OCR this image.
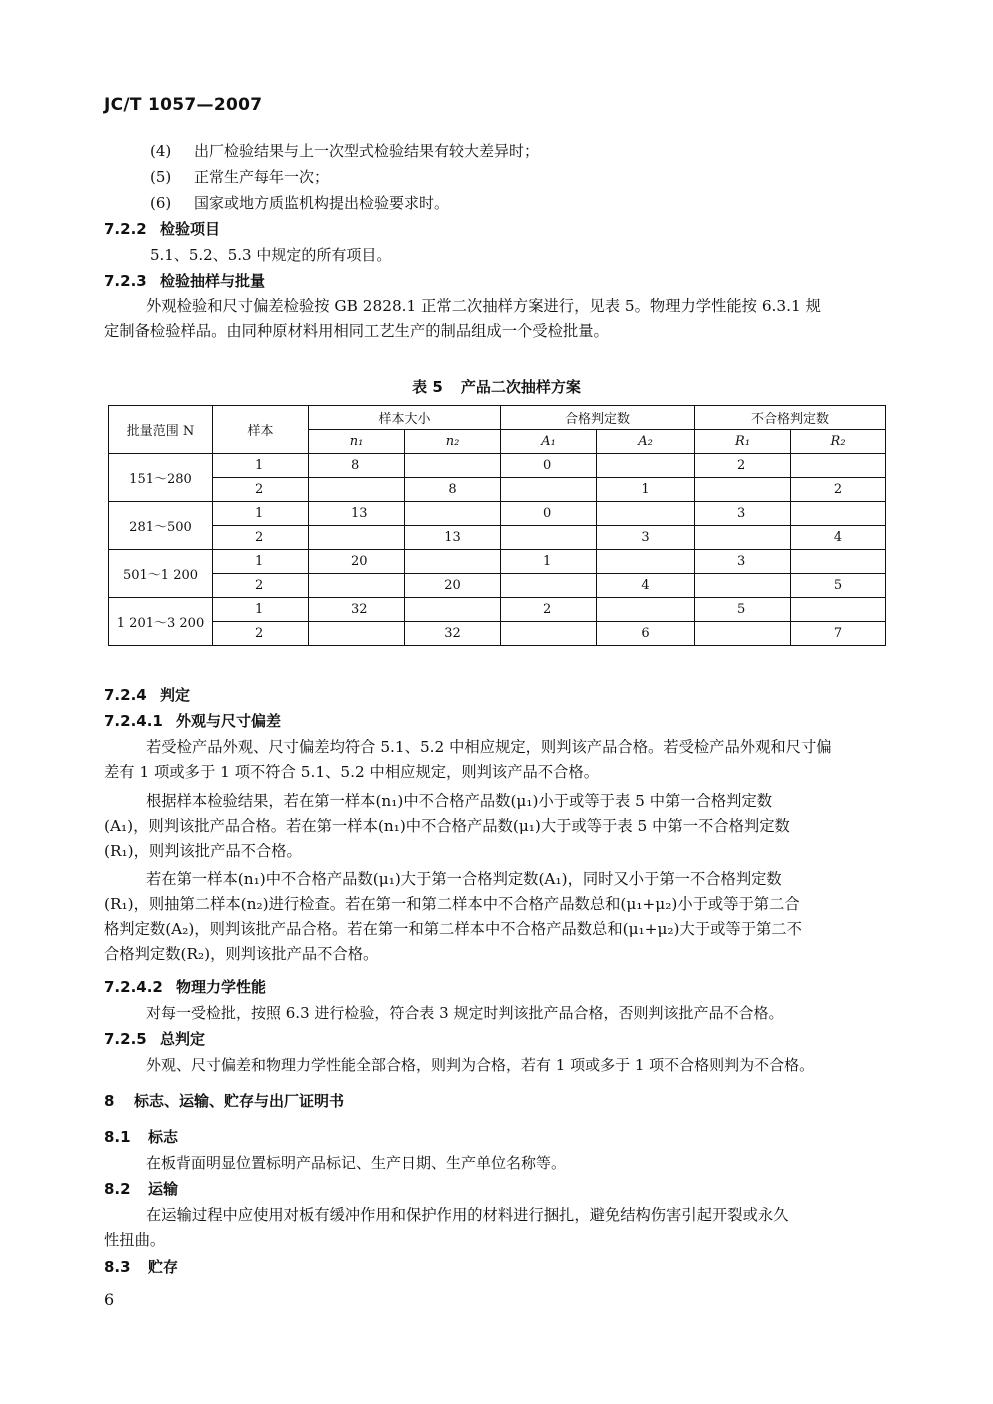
JC/T 1057—2007
(4) 出厂检验结果与上一次型式检验结果有较大差异时；
(5) 正常生产每年一次；
(6) 国家或地方质监机构提出检验要求时。
7.2.2 检验项目
5.1、5.2、5.3 中规定的所有项目。
7.2.3 检验抽样与批量
外观检验和尺寸偏差检验按 GB 2828.1 正常二次抽样方案进行，见表 5。物理力学性能按 6.3.1 规
定制备检验样品。由同种原材料用相同工艺生产的制品组成一个受检批量。
表 5 产品二次抽样方案
批量范围 N	样本	样本大小		合格判定数		不合格判定数	
		n₁	n₂	A₁	A₂	R₁	R₂
151～280	1	8		0		2	
	2		8		1		2
281～500	1	13		0		3	
	2		13		3		4
501～1 200	1	20		1		3	
	2		20		4		5
1 201～3 200	1	32		2		5	
	2		32		6		7
7.2.4 判定
7.2.4.1 外观与尺寸偏差
若受检产品外观、尺寸偏差均符合 5.1、5.2 中相应规定，则判该产品合格。若受检产品外观和尺寸偏
差有 1 项或多于 1 项不符合 5.1、5.2 中相应规定，则判该产品不合格。
根据样本检验结果，若在第一样本(n₁)中不合格产品数(μ₁)小于或等于表 5 中第一合格判定数
(A₁)，则判该批产品合格。若在第一样本(n₁)中不合格产品数(μ₁)大于或等于表 5 中第一不合格判定数
(R₁)，则判该批产品不合格。
若在第一样本(n₁)中不合格产品数(μ₁)大于第一合格判定数(A₁)，同时又小于第一不合格判定数
(R₁)，则抽第二样本(n₂)进行检查。若在第一和第二样本中不合格产品数总和(μ₁+μ₂)小于或等于第二合
格判定数(A₂)，则判该批产品合格。若在第一和第二样本中不合格产品数总和(μ₁+μ₂)大于或等于第二不
合格判定数(R₂)，则判该批产品不合格。
7.2.4.2 物理力学性能
对每一受检批，按照 6.3 进行检验，符合表 3 规定时判该批产品合格，否则判该批产品不合格。
7.2.5 总判定
外观、尺寸偏差和物理力学性能全部合格，则判为合格，若有 1 项或多于 1 项不合格则判为不合格。
8 标志、运输、贮存与出厂证明书
8.1 标志
在板背面明显位置标明产品标记、生产日期、生产单位名称等。
8.2 运输
在运输过程中应使用对板有缓冲作用和保护作用的材料进行捆扎，避免结构伤害引起开裂或永久
性扭曲。
8.3 贮存
6
